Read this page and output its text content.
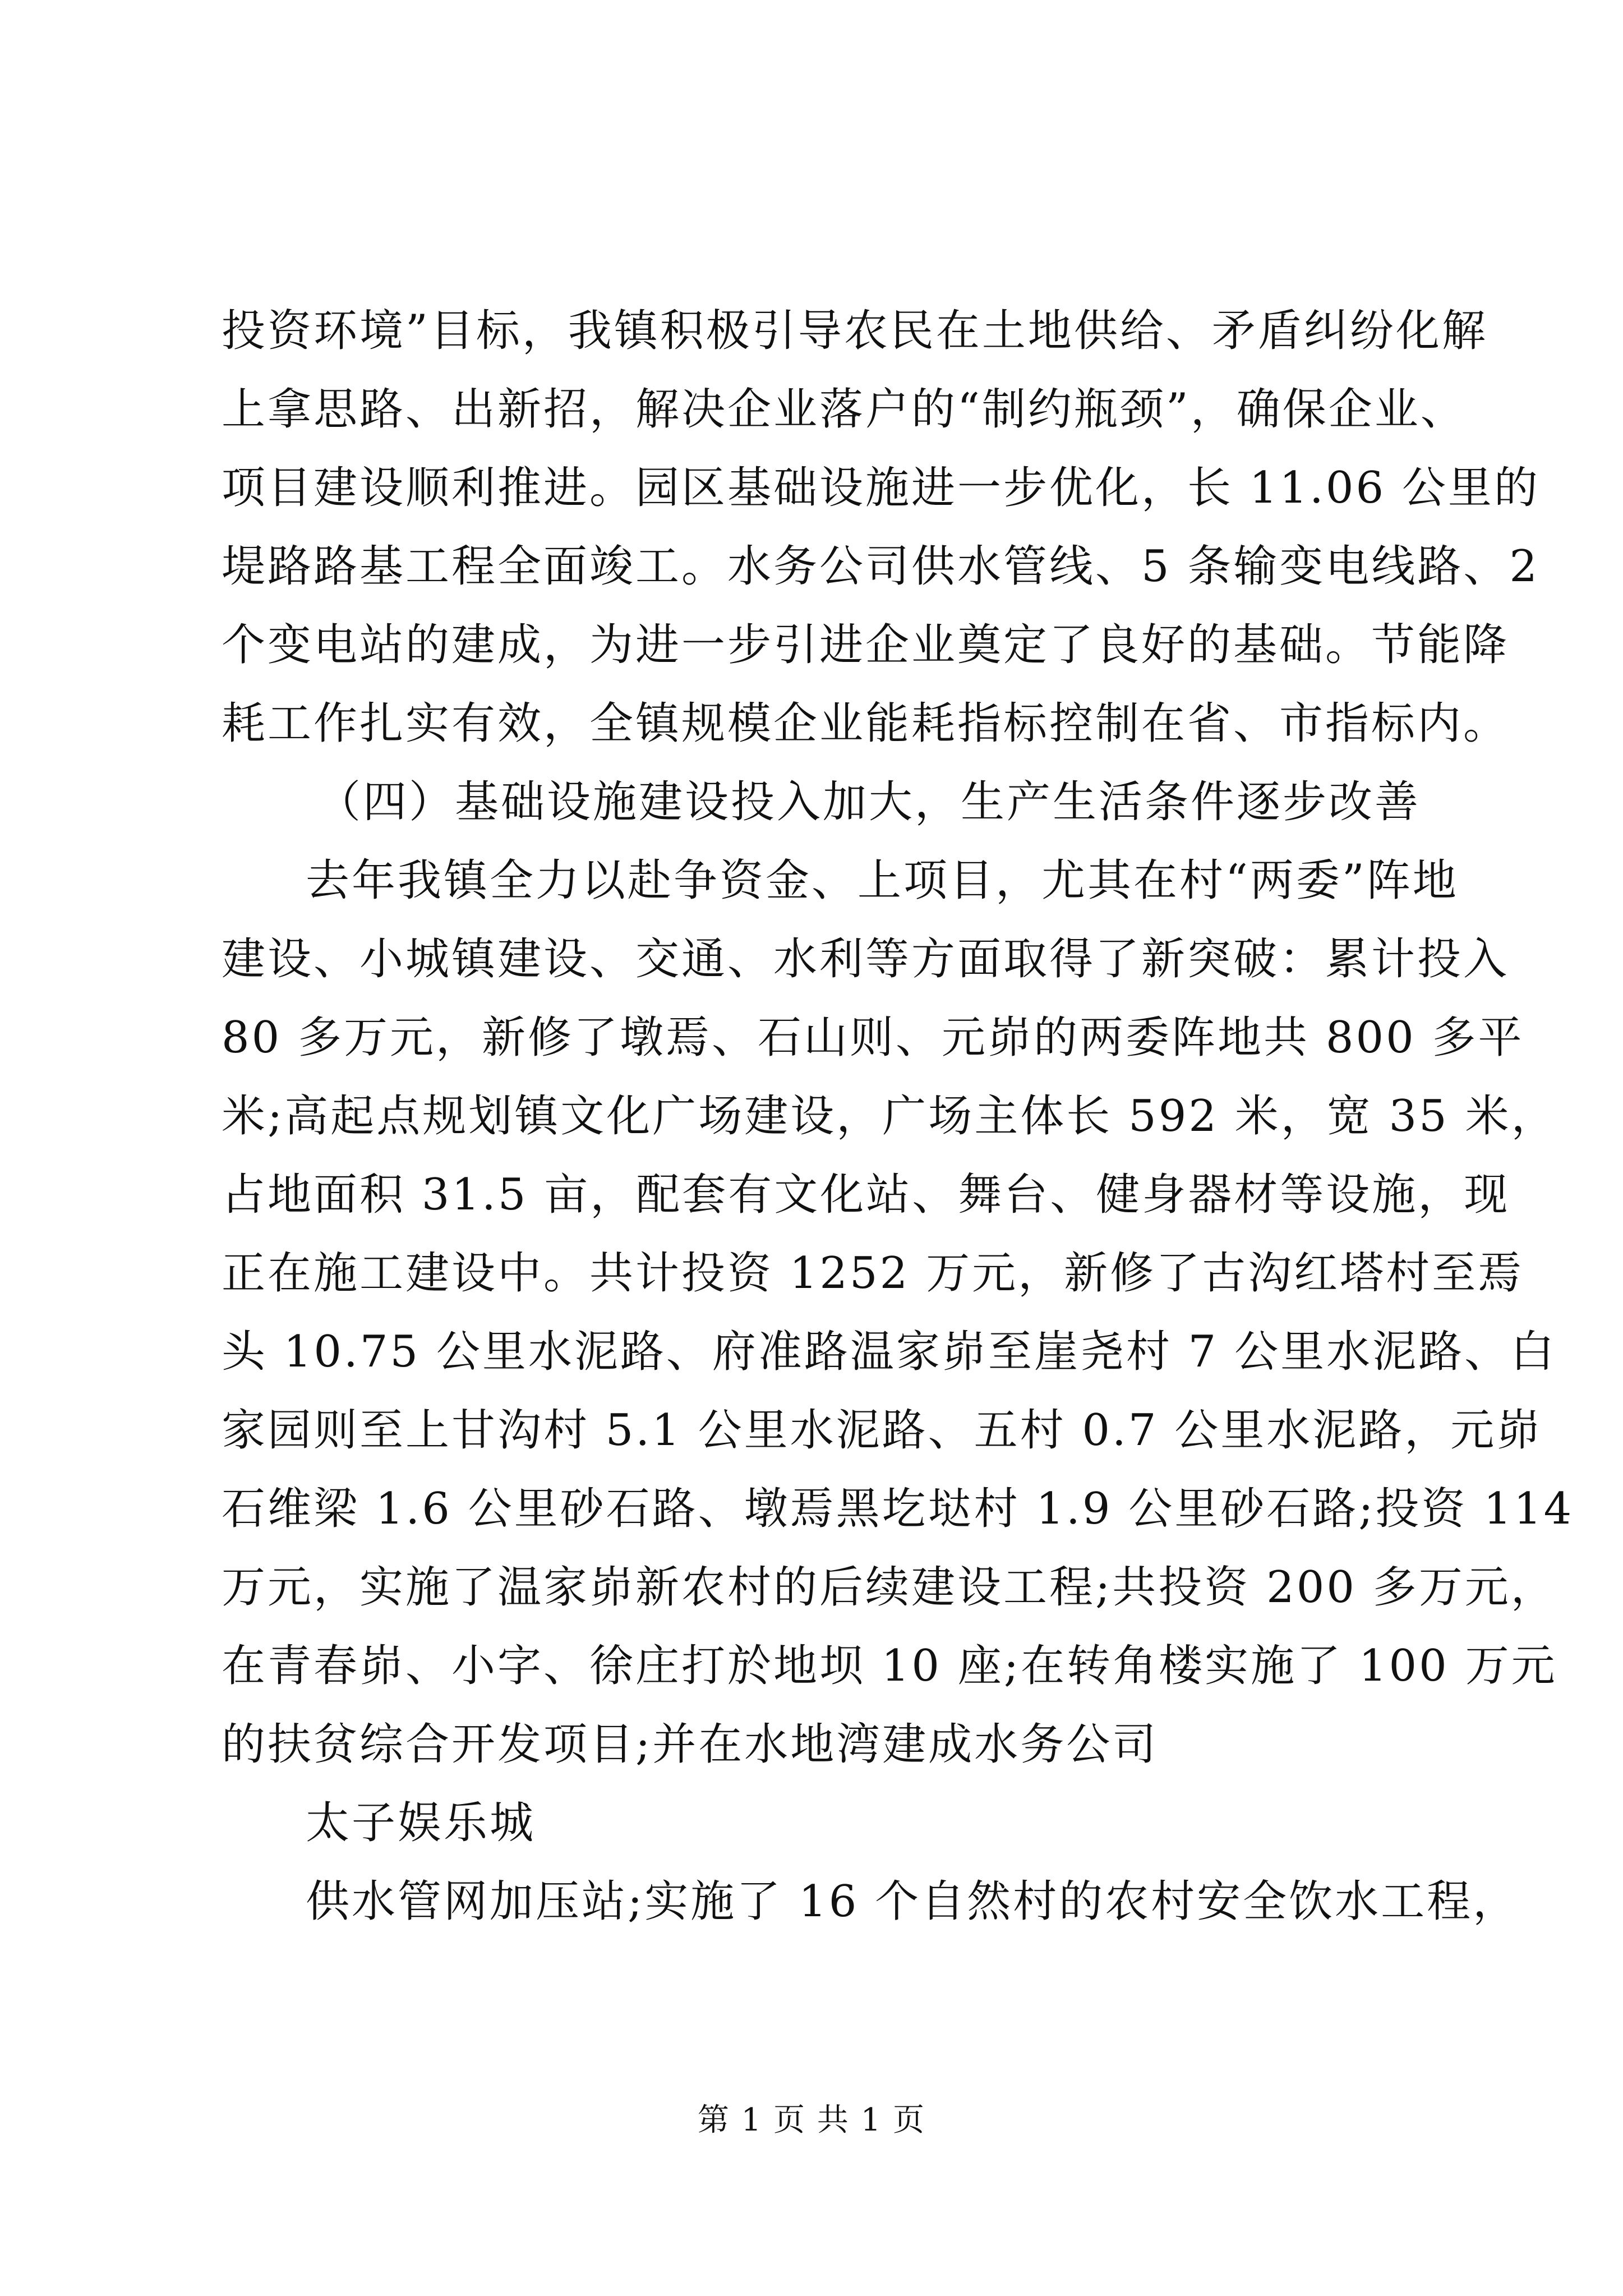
投资环境”目标，我镇积极引导农民在土地供给、矛盾纠纷化解
上拿思路、出新招，解决企业落户的“制约瓶颈”，确保企业、
项目建设顺利推进。园区基础设施进一步优化，长 11.06 公里的
堤路路基工程全面竣工。水务公司供水管线、5 条输变电线路、2
个变电站的建成，为进一步引进企业奠定了良好的基础。节能降
耗工作扎实有效，全镇规模企业能耗指标控制在省、市指标内。
（四）基础设施建设投入加大，生产生活条件逐步改善
去年我镇全力以赴争资金、上项目，尤其在村“两委”阵地
建设、小城镇建设、交通、水利等方面取得了新突破：累计投入
80 多万元，新修了墩焉、石山则、元峁的两委阵地共 800 多平
米;高起点规划镇文化广场建设，广场主体长 592 米，宽 35 米，
占地面积 31.5 亩，配套有文化站、舞台、健身器材等设施，现
正在施工建设中。共计投资 1252 万元，新修了古沟红塔村至焉
头 10.75 公里水泥路、府准路温家峁至崖尧村 7 公里水泥路、白
家园则至上甘沟村 5.1 公里水泥路、五村 0.7 公里水泥路，元峁
石维梁 1.6 公里砂石路、墩焉黑圪垯村 1.9 公里砂石路;投资 114
万元，实施了温家峁新农村的后续建设工程;共投资 200 多万元，
在青春峁、小字、徐庄打於地坝 10 座;在转角楼实施了 100 万元
的扶贫综合开发项目;并在水地湾建成水务公司
太子娱乐城
供水管网加压站;实施了 16 个自然村的农村安全饮水工程，
第 1 页 共 1 页
